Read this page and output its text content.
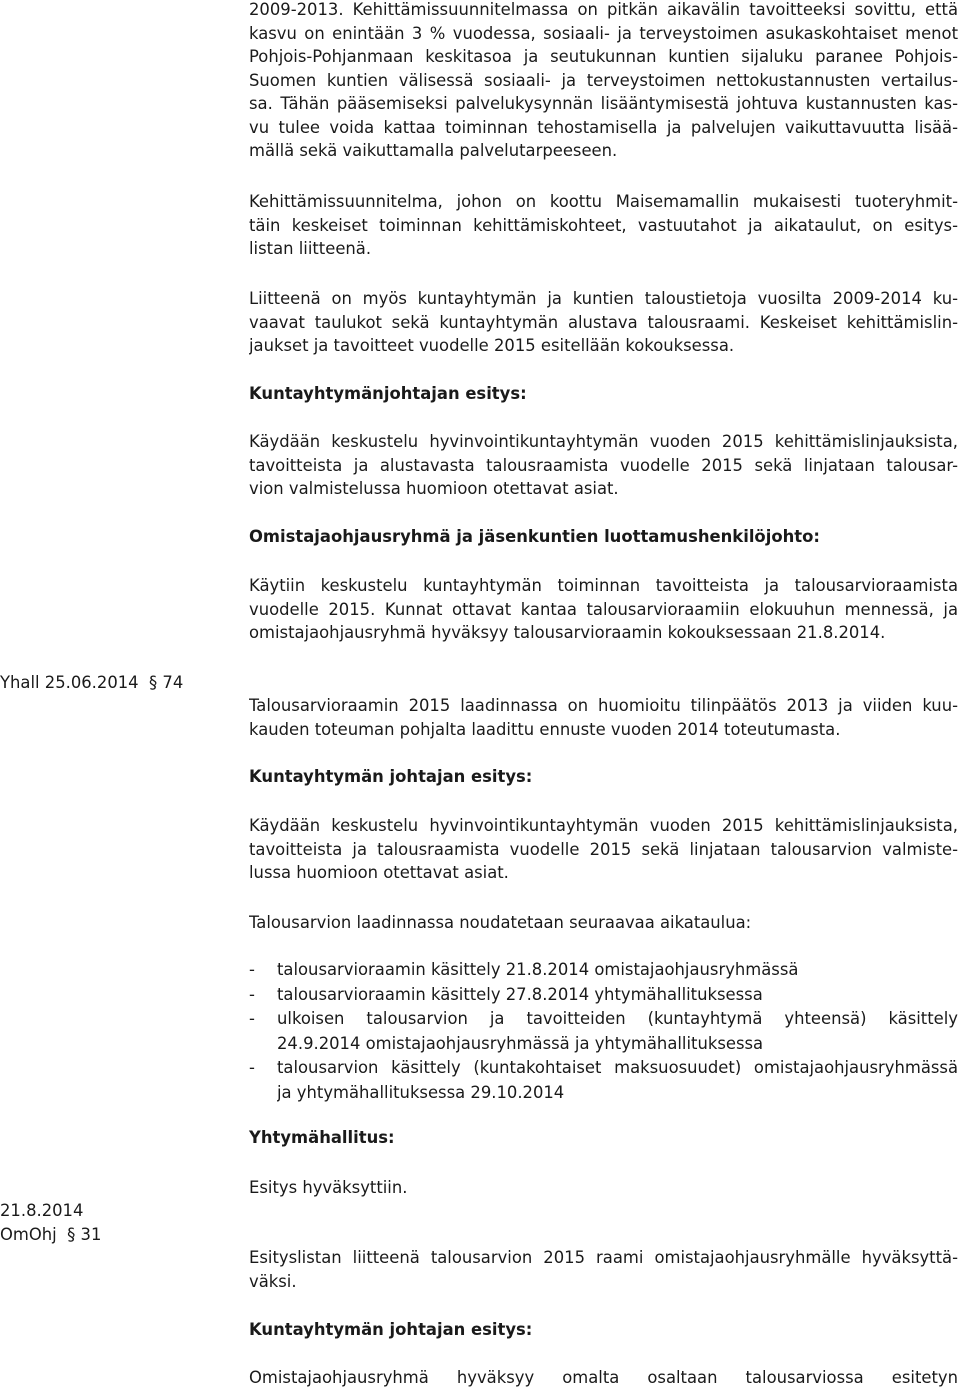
2009-2013. Kehittämissuunnitelmassa on pitkän aikavälin tavoitteeksi sovittu, että
kasvu on enintään 3 % vuodessa, sosiaali- ja terveystoimen asukaskohtaiset menot
Pohjois-Pohjanmaan keskitasoa ja seutukunnan kuntien sijaluku paranee Pohjois-
Suomen kuntien välisessä sosiaali- ja terveystoimen nettokustannusten vertailus-
sa. Tähän pääsemiseksi palvelukysynnän lisääntymisestä johtuva kustannusten kas-
vu tulee voida kattaa toiminnan tehostamisella ja palvelujen vaikuttavuutta lisää-
mällä sekä vaikuttamalla palvelutarpeeseen.
Kehittämissuunnitelma, johon on koottu Maisemamallin mukaisesti tuoteryhmit-
täin keskeiset toiminnan kehittämiskohteet, vastuutahot ja aikataulut, on esitys-
listan liitteenä.
Liitteenä on myös kuntayhtymän ja kuntien taloustietoja vuosilta 2009-2014 ku-
vaavat taulukot sekä kuntayhtymän alustava talousraami. Keskeiset kehittämislin-
jaukset ja tavoitteet vuodelle 2015 esitellään kokouksessa.

Kuntayhtymänjohtajan esitys:

Käydään keskustelu hyvinvointikuntayhtymän vuoden 2015 kehittämislinjauksista,
tavoitteista ja alustavasta talousraamista vuodelle 2015 sekä linjataan talousar-
vion valmistelussa huomioon otettavat asiat.

Omistajaohjausryhmä ja jäsenkuntien luottamushenkilöjohto:

Käytiin keskustelu kuntayhtymän toiminnan tavoitteista ja talousarvioraamista
vuodelle 2015. Kunnat ottavat kantaa talousarvioraamiin elokuuhun mennessä, ja
omistajaohjausryhmä hyväksyy talousarvioraamin kokouksessaan 21.8.2014.
Yhall 25.06.2014 § 74
Talousarvioraamin 2015 laadinnassa on huomioitu tilinpäätös 2013 ja viiden kuu-
kauden toteuman pohjalta laadittu ennuste vuoden 2014 toteutumasta.

Kuntayhtymän johtajan esitys:

Käydään keskustelu hyvinvointikuntayhtymän vuoden 2015 kehittämislinjauksista,
tavoitteista ja talousraamista vuodelle 2015 sekä linjataan talousarvion valmiste-
lussa huomioon otettavat asiat.
Talousarvion laadinnassa noudatetaan seuraavaa aikataulua:
- talousarvioraamin käsittely 21.8.2014 omistajaohjausryhmässä
- talousarvioraamin käsittely 27.8.2014 yhtymähallituksessa
- ulkoisen talousarvion ja tavoitteiden (kuntayhtymä yhteensä) käsittely
24.9.2014 omistajaohjausryhmässä ja yhtymähallituksessa
- talousarvion käsittely (kuntakohtaiset maksuosuudet) omistajaohjausryhmässä
ja yhtymähallituksessa 29.10.2014

Yhtymähallitus:

Esitys hyväksyttiin.
21.8.2014
OmOhj § 31
Esityslistan liitteenä talousarvion 2015 raami omistajaohjausryhmälle hyväksyttä-
väksi.

Kuntayhtymän johtajan esitys:

Omistajaohjausryhmä hyväksyy omalta osaltaan talousarviossa esitetyn
